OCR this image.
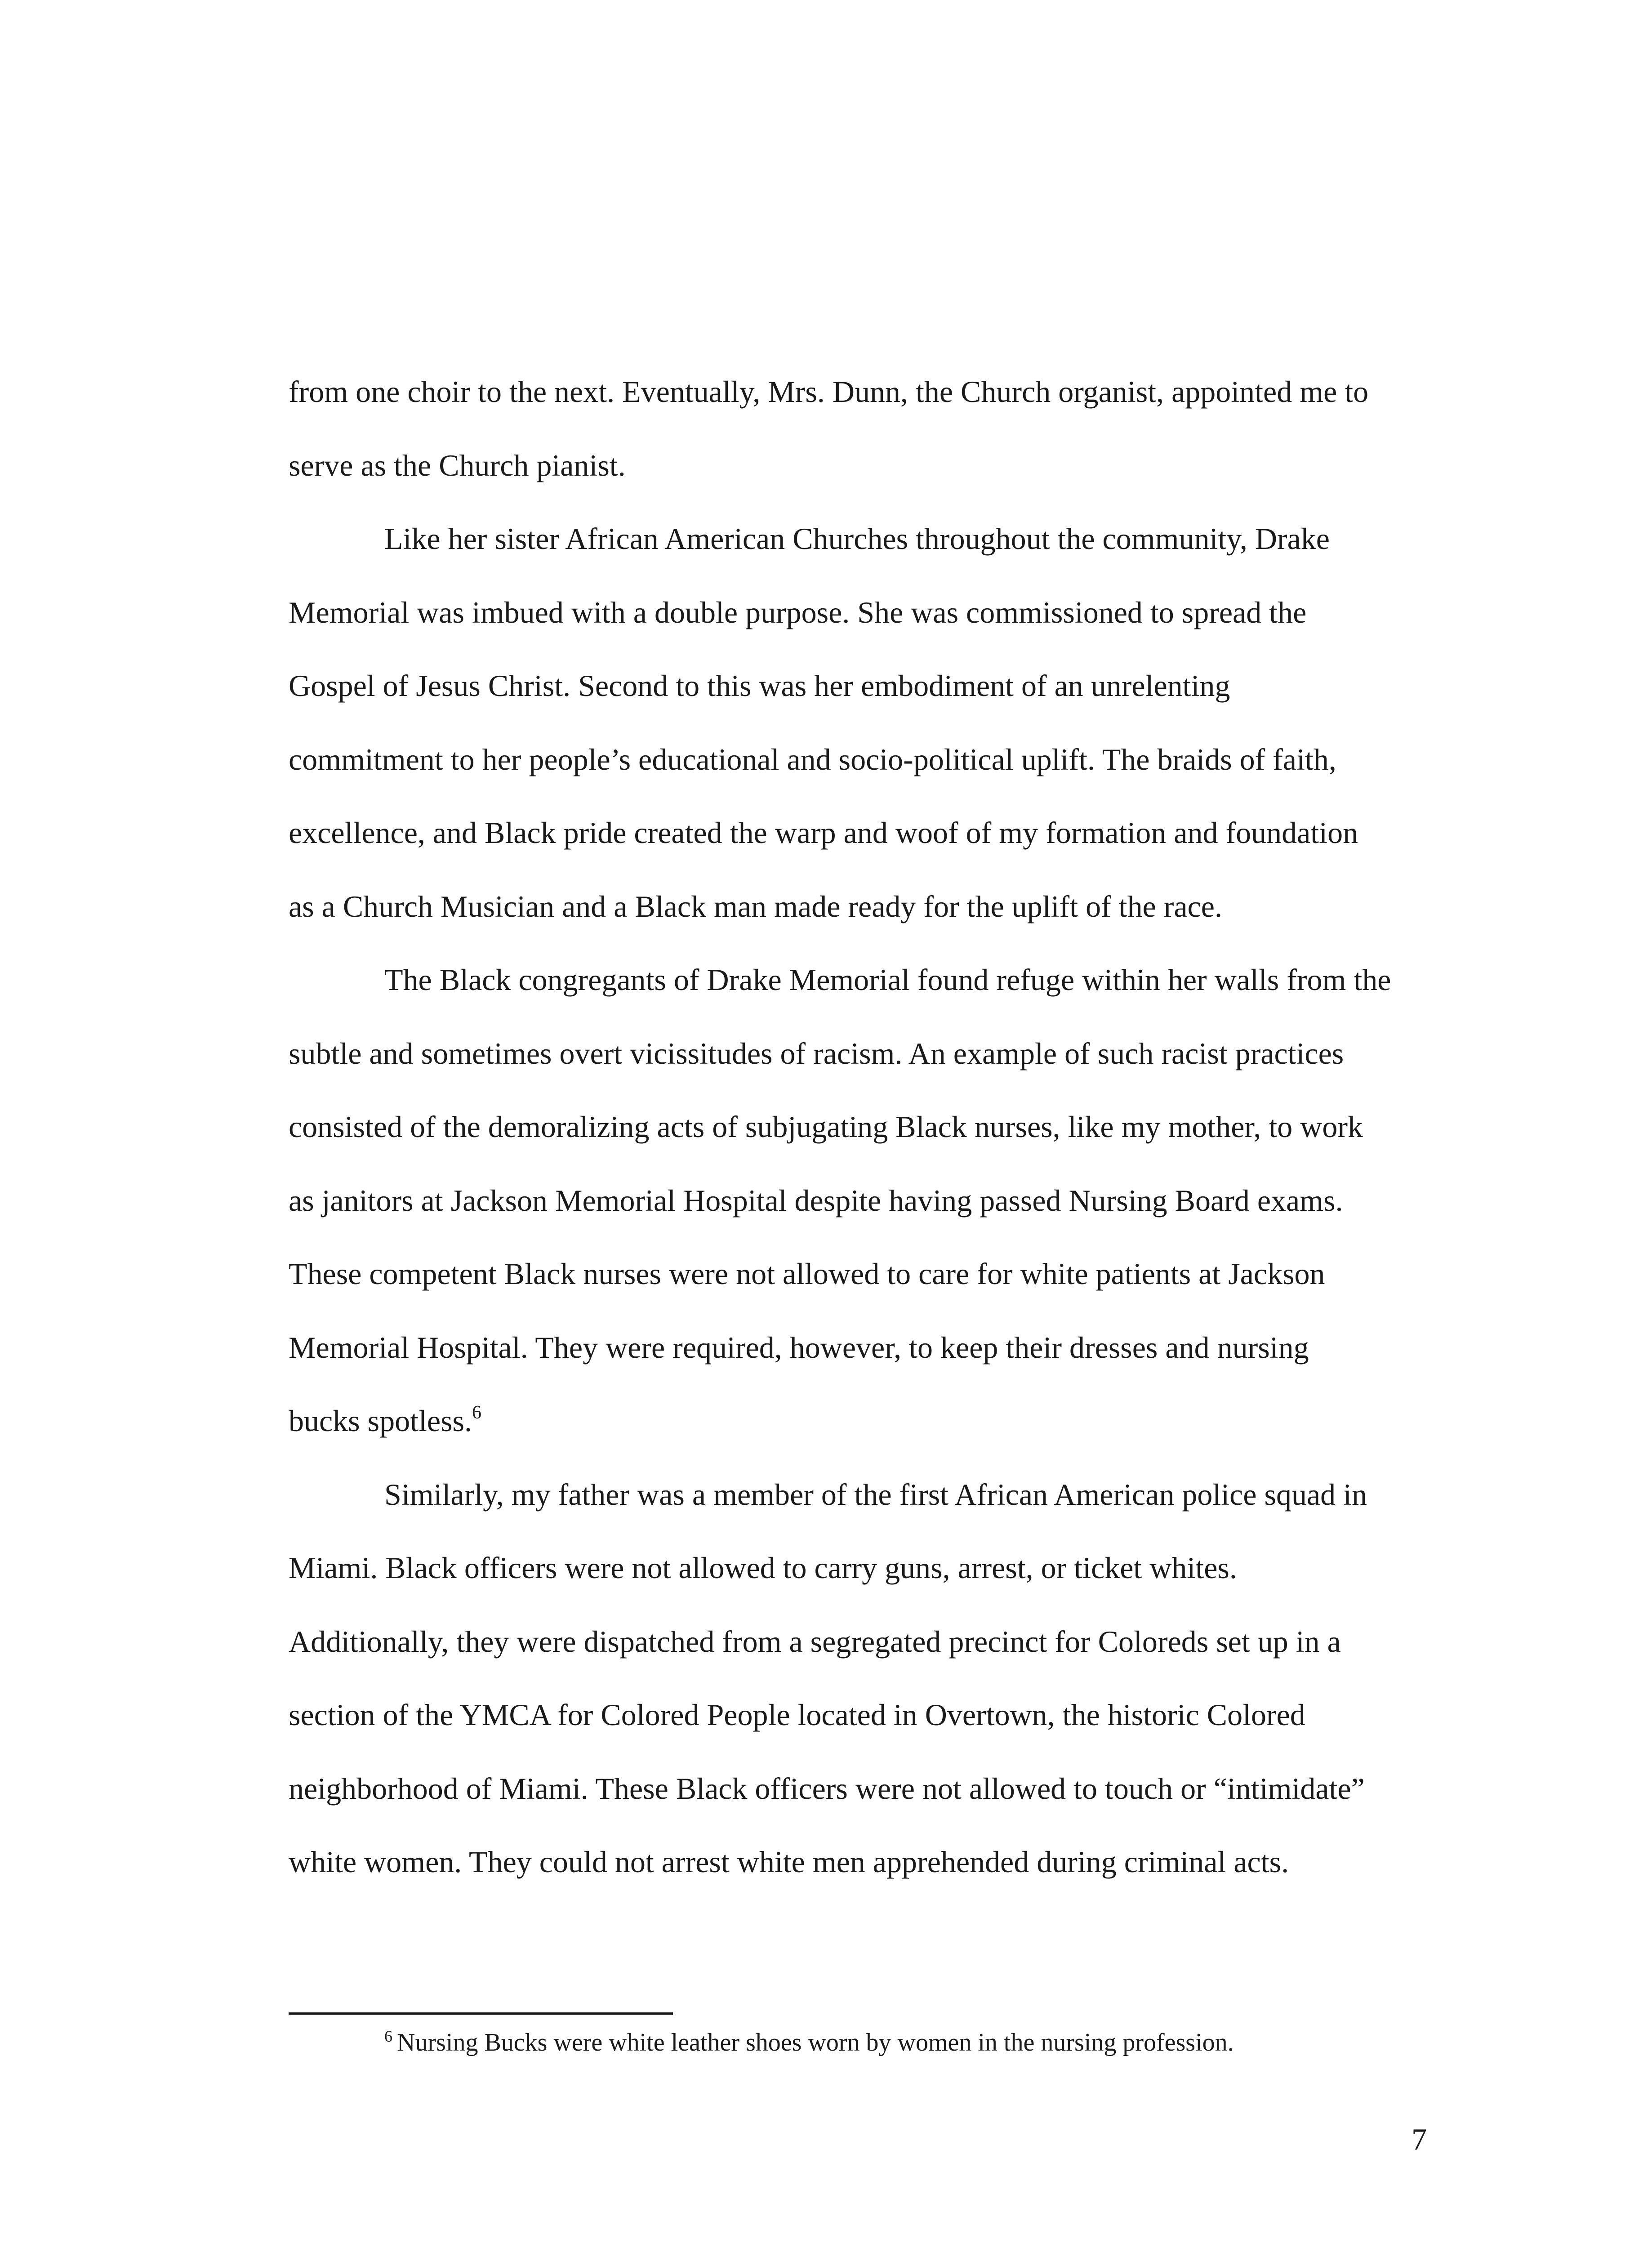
from one choir to the next. Eventually, Mrs. Dunn, the Church organist, appointed me to
serve as the Church pianist.

Like her sister African American Churches throughout the community, Drake
Memorial was imbued with a double purpose. She was commissioned to spread the
Gospel of Jesus Christ. Second to this was her embodiment of an unrelenting
commitment to her people’s educational and socio-political uplift. The braids of faith,
excellence, and Black pride created the warp and woof of my formation and foundation
as a Church Musician and a Black man made ready for the uplift of the race.

The Black congregants of Drake Memorial found refuge within her walls from the
subtle and sometimes overt vicissitudes of racism. An example of such racist practices
consisted of the demoralizing acts of subjugating Black nurses, like my mother, to work
as janitors at Jackson Memorial Hospital despite having passed Nursing Board exams.
These competent Black nurses were not allowed to care for white patients at Jackson
Memorial Hospital. They were required, however, to keep their dresses and nursing
bucks spotless.$^6$

Similarly, my father was a member of the first African American police squad in
Miami. Black officers were not allowed to carry guns, arrest, or ticket whites.
Additionally, they were dispatched from a segregated precinct for Coloreds set up in a
section of the YMCA for Colored People located in Overtown, the historic Colored
neighborhood of Miami. These Black officers were not allowed to touch or “intimidate”
white women. They could not arrest white men apprehended during criminal acts.

$^6$ Nursing Bucks were white leather shoes worn by women in the nursing profession.
7
